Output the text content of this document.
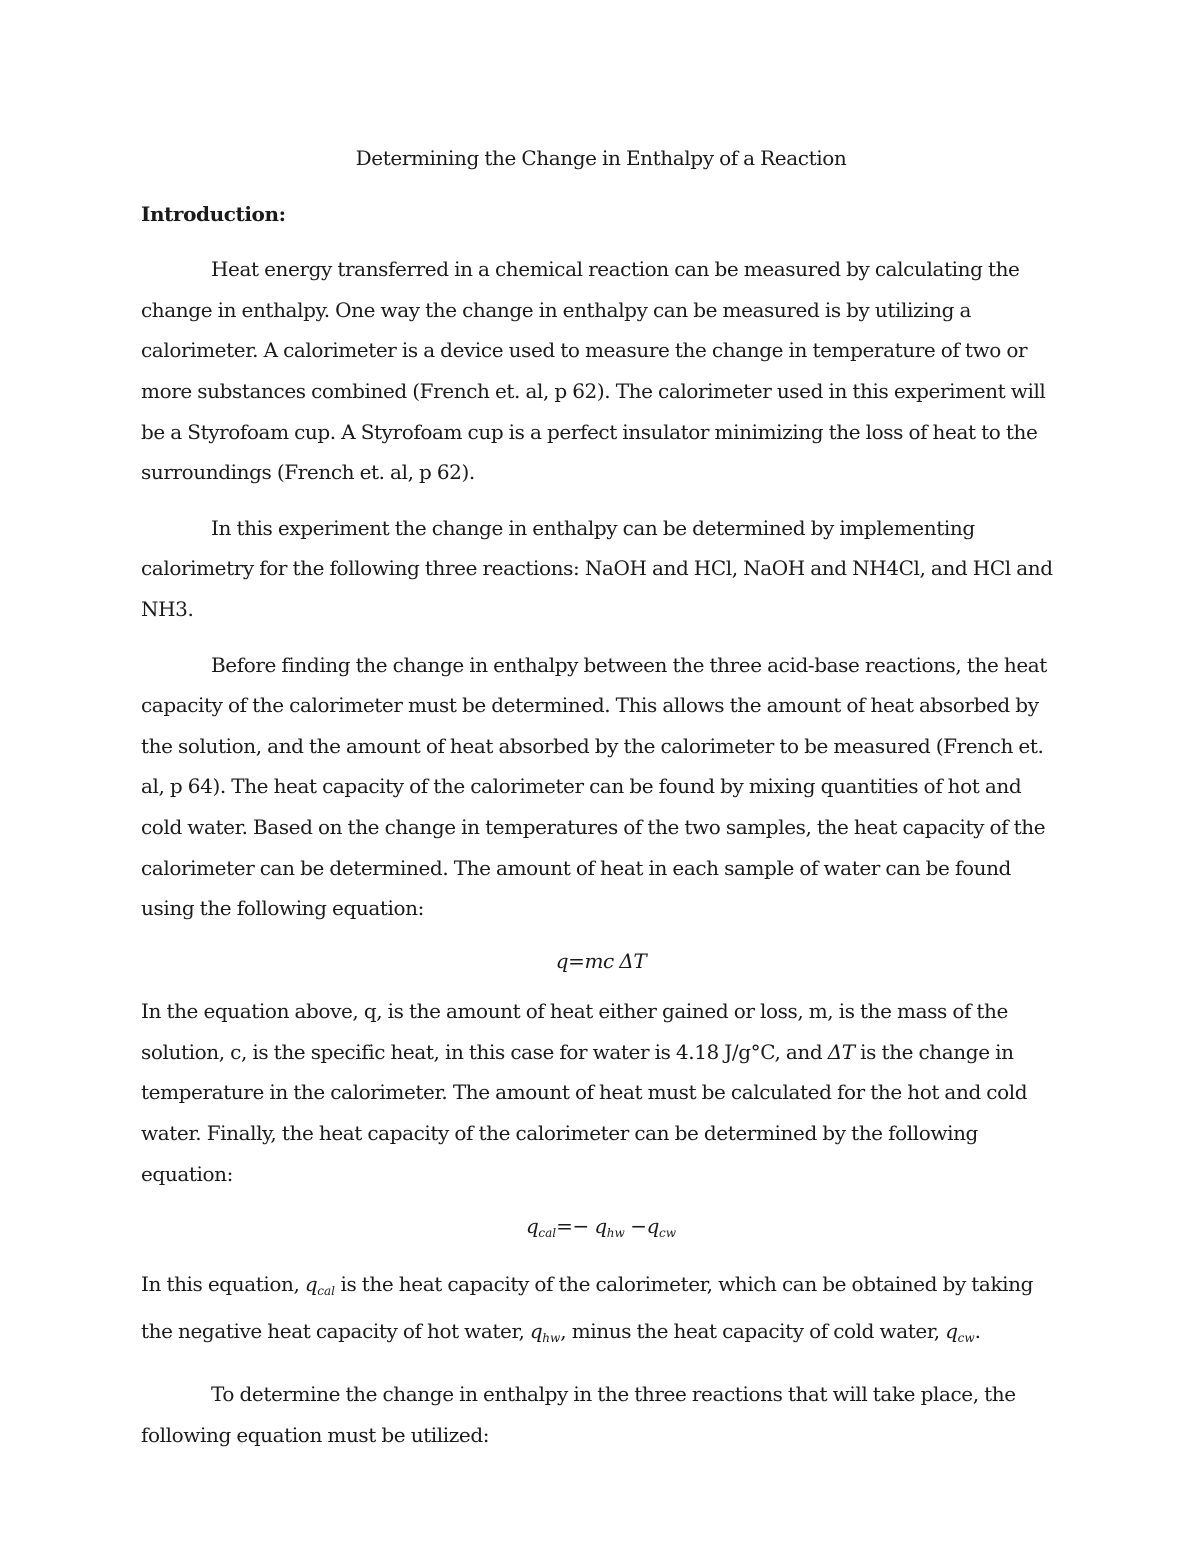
Determining the Change in Enthalpy of a Reaction

Introduction:

Heat energy transferred in a chemical reaction can be measured by calculating the change in enthalpy. One way the change in enthalpy can be measured is by utilizing a calorimeter. A calorimeter is a device used to measure the change in temperature of two or more substances combined (French et. al, p 62). The calorimeter used in this experiment will be a Styrofoam cup. A Styrofoam cup is a perfect insulator minimizing the loss of heat to the surroundings (French et. al, p 62).

In this experiment the change in enthalpy can be determined by implementing calorimetry for the following three reactions: NaOH and HCl, NaOH and NH4Cl, and HCl and NH3.

Before finding the change in enthalpy between the three acid-base reactions, the heat capacity of the calorimeter must be determined. This allows the amount of heat absorbed by the solution, and the amount of heat absorbed by the calorimeter to be measured (French et. al, p 64). The heat capacity of the calorimeter can be found by mixing quantities of hot and cold water. Based on the change in temperatures of the two samples, the heat capacity of the calorimeter can be determined. The amount of heat in each sample of water can be found using the following equation:

q=mc ΔT

In the equation above, q, is the amount of heat either gained or loss, m, is the mass of the solution, c, is the specific heat, in this case for water is 4.18 J/g°C, and ΔT is the change in temperature in the calorimeter. The amount of heat must be calculated for the hot and cold water. Finally, the heat capacity of the calorimeter can be determined by the following equation:

$q_{cal}=- q_{hw} -q_{cw}$

In this equation, $q_{cal}$ is the heat capacity of the calorimeter, which can be obtained by taking the negative heat capacity of hot water, $q_{hw}$, minus the heat capacity of cold water, $q_{cw}$.

To determine the change in enthalpy in the three reactions that will take place, the following equation must be utilized:
